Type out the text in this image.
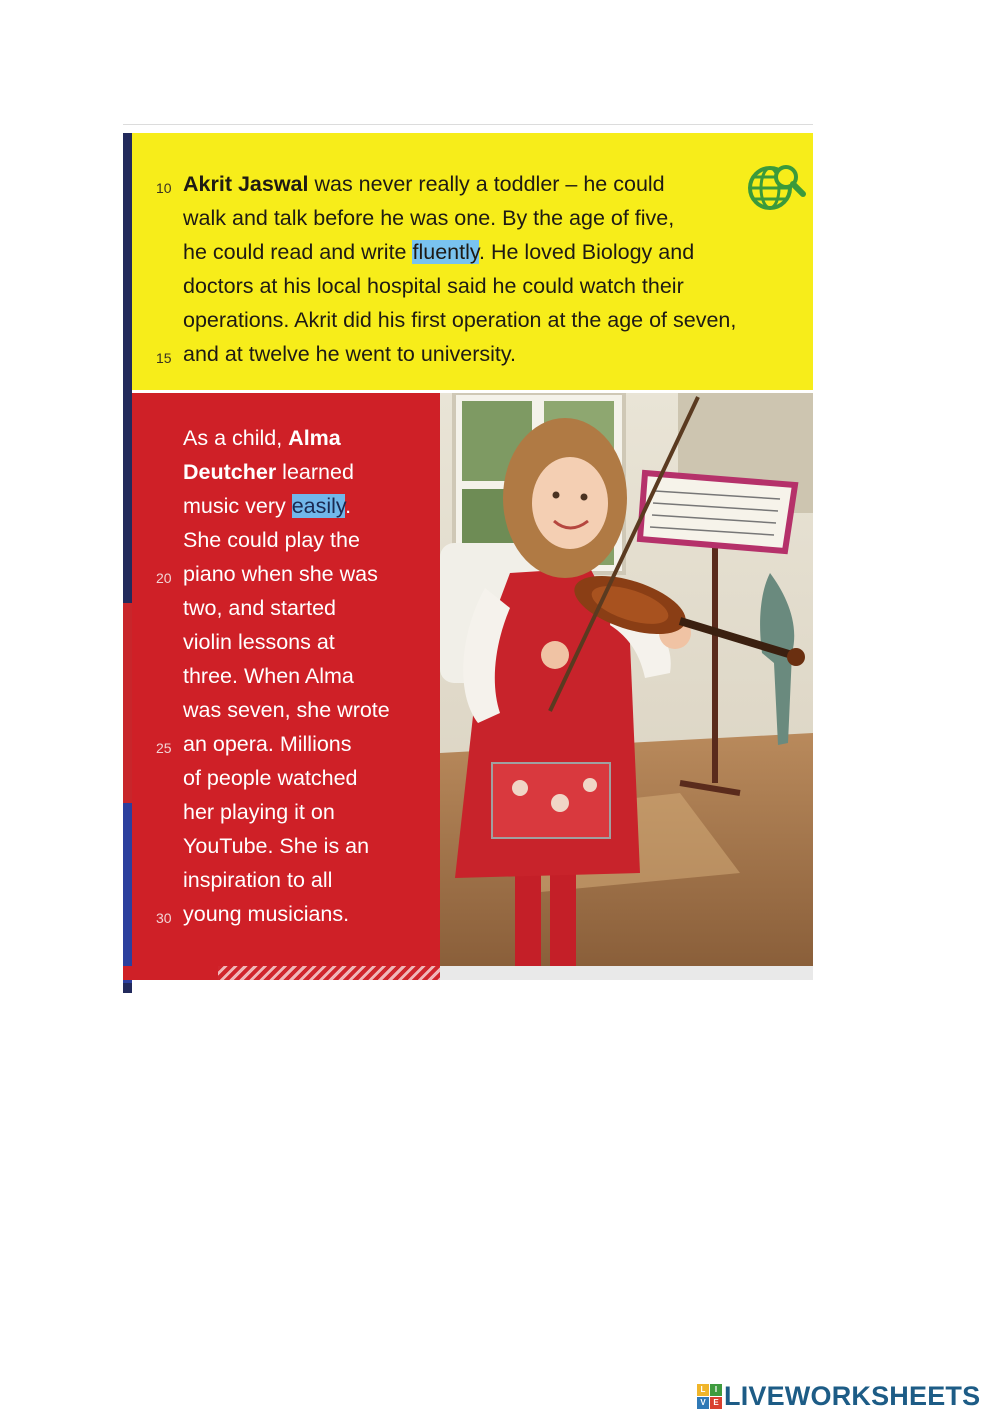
10 Akrit Jaswal was never really a toddler – he could
walk and talk before he was one. By the age of five,
he could read and write fluently. He loved Biology and
doctors at his local hospital said he could watch their
operations. Akrit did his first operation at the age of seven,
15 and at twelve he went to university.
As a child, Alma
Deutcher learned
music very easily.
She could play the
20 piano when she was
two, and started
violin lessons at
three. When Alma
was seven, she wrote
25 an opera. Millions
of people watched
her playing it on
YouTube. She is an
inspiration to all
30 young musicians.
L	I
V E LIVEWORKSHEETS
